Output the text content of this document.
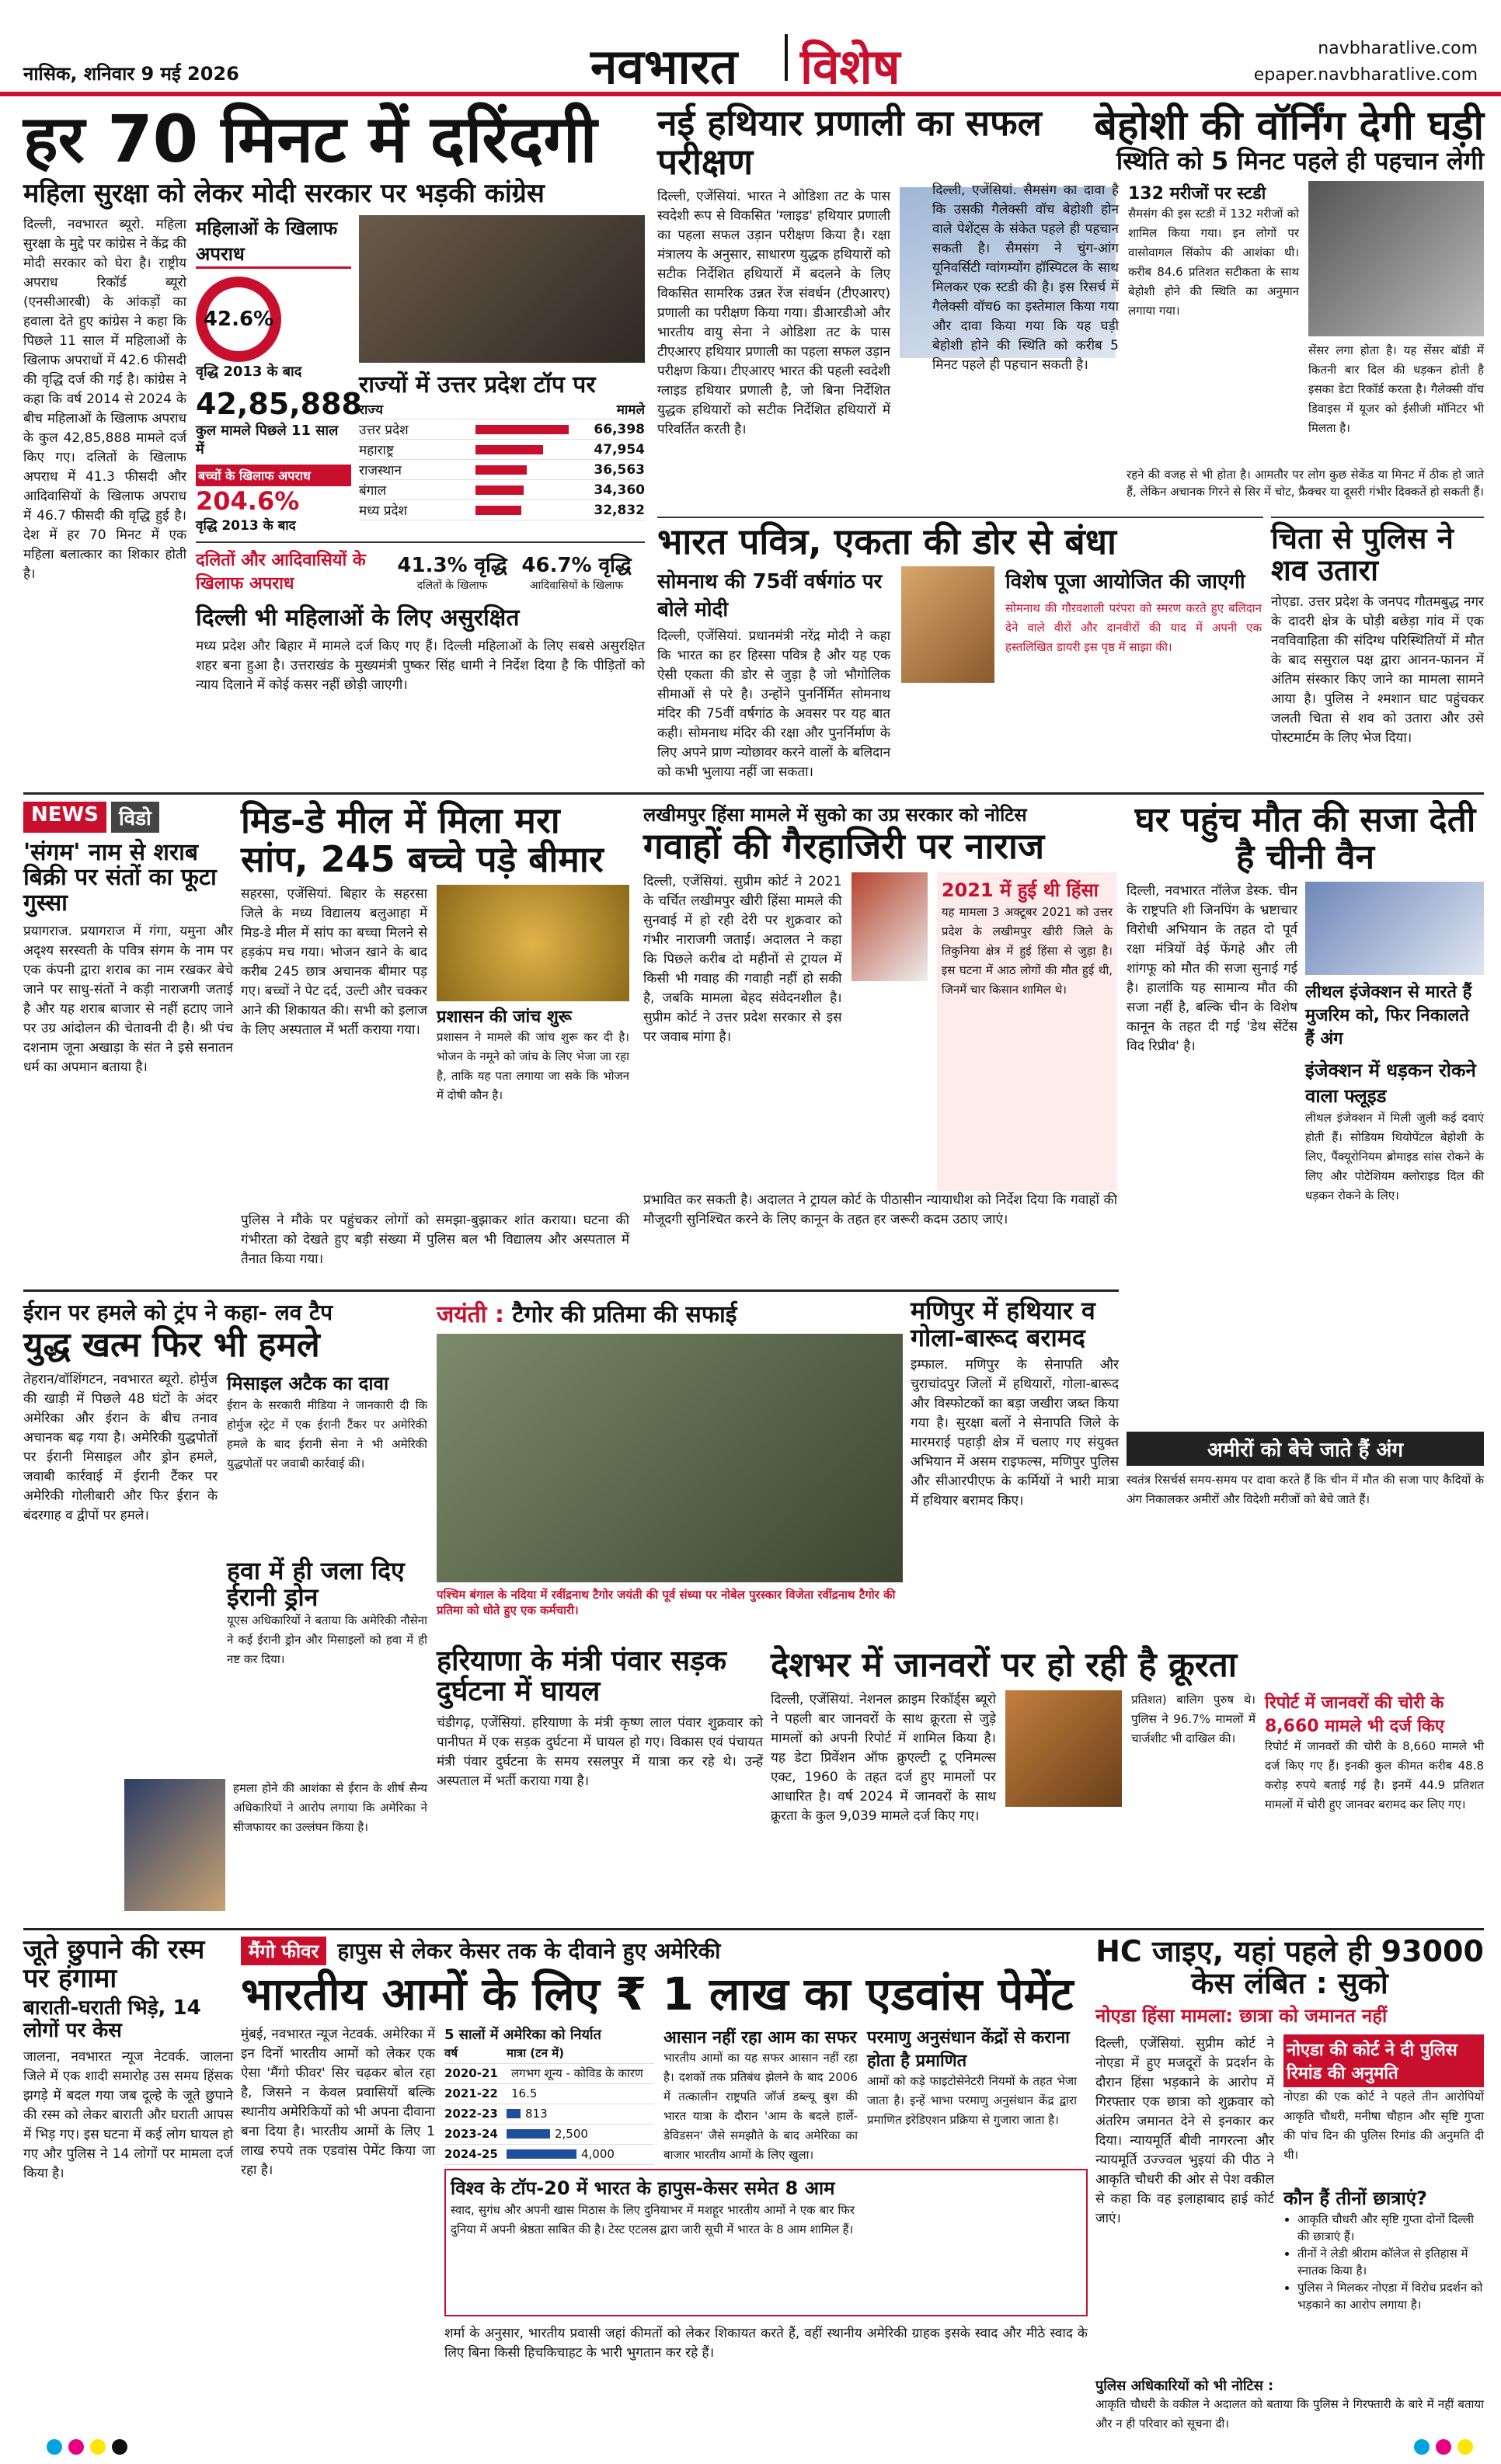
नासिक, शनिवार 9 मई 2026	नवभारत विशेष	navbharatlive.com
epaper.navbharatlive.com
हर 70 मिनट में दरिंदगी
महिला सुरक्षा को लेकर मोदी सरकार पर भड़की कांग्रेस
दिल्ली, नवभारत ब्यूरो. महिला सुरक्षा के मुद्दे पर कांग्रेस ने केंद्र की मोदी सरकार को घेरा है। राष्ट्रीय अपराध रिकॉर्ड ब्यूरो (एनसीआरबी) के आंकड़ों का हवाला देते हुए कांग्रेस ने कहा कि पिछले 11 साल में महिलाओं के खिलाफ अपराधों में 42.6 फीसदी की वृद्धि दर्ज की गई है। कांग्रेस ने कहा कि वर्ष 2014 से 2024 के बीच महिलाओं के खिलाफ अपराध के कुल 42,85,888 मामले दर्ज किए गए। दलितों के खिलाफ अपराध में 41.3 फीसदी और आदिवासियों के खिलाफ अपराध में 46.7 फीसदी की वृद्धि हुई है। देश में हर 70 मिनट में एक महिला बलात्कार का शिकार होती है।
महिलाओं के खिलाफ अपराध
42.6%
वृद्धि 2013 के बाद
42,85,888
कुल मामले पिछले 11 साल में
बच्चों के खिलाफ अपराध
204.6%
वृद्धि 2013 के बाद
राज्यों में उत्तर प्रदेश टॉप पर
राज्य	मामले
उत्तर प्रदेश	66,398
महाराष्ट्र	47,954
राजस्थान	36,563
बंगाल	34,360
मध्य प्रदेश	32,832
दलितों और आदिवासियों के खिलाफ अपराध
41.3% वृद्धि
दलितों के खिलाफ
46.7% वृद्धि
आदिवासियों के खिलाफ
दिल्ली भी महिलाओं के लिए असुरक्षित
मध्य प्रदेश और बिहार में मामले दर्ज किए गए हैं। दिल्ली महिलाओं के लिए सबसे असुरक्षित शहर बना हुआ है। उत्तराखंड के मुख्यमंत्री पुष्कर सिंह धामी ने निर्देश दिया है कि पीड़ितों को न्याय दिलाने में कोई कसर नहीं छोड़ी जाएगी।
नई हथियार प्रणाली का सफल परीक्षण
दिल्ली, एजेंसियां. भारत ने ओडिशा तट के पास स्वदेशी रूप से विकसित 'ग्लाइड' हथियार प्रणाली का पहला सफल उड़ान परीक्षण किया है। रक्षा मंत्रालय के अनुसार, साधारण युद्धक हथियारों को सटीक निर्देशित हथियारों में बदलने के लिए विकसित सामरिक उन्नत रेंज संवर्धन (टीएआरए) प्रणाली का परीक्षण किया गया। डीआरडीओ और भारतीय वायु सेना ने ओडिशा तट के पास टीएआरए हथियार प्रणाली का पहला सफल उड़ान परीक्षण किया। टीएआरए भारत की पहली स्वदेशी ग्लाइड हथियार प्रणाली है, जो बिना निर्देशित युद्धक हथियारों को सटीक निर्देशित हथियारों में परिवर्तित करती है।
बेहोशी की वॉर्निंग देगी घड़ी
स्थिति को 5 मिनट पहले ही पहचान लेगी
दिल्ली, एजेंसियां. सैमसंग का दावा है कि उसकी गैलेक्सी वॉच बेहोशी होन वाले पेशेंट्स के संकेत पहले ही पहचान सकती है। सैमसंग ने चुंग-आंग यूनिवर्सिटी ग्वांगम्योंग हॉस्पिटल के साथ मिलकर एक स्टडी की है। इस रिसर्च में गैलेक्सी वॉच6 का इस्तेमाल किया गया और दावा किया गया कि यह घड़ी बेहोशी होने की स्थिति को करीब 5 मिनट पहले ही पहचान सकती है।
132 मरीजों पर स्टडी
सैमसंग की इस स्टडी में 132 मरीजों को शामिल किया गया। इन लोगों पर वासोवागल सिंकोप की आशंका थी। करीब 84.6 प्रतिशत सटीकता के साथ बेहोशी होने की स्थिति का अनुमान लगाया गया।
सेंसर लगा होता है। यह सेंसर बॉडी में कितनी बार दिल की धड़कन होती है इसका डेटा रिकॉर्ड करता है। गैलेक्सी वॉच डिवाइस में यूजर को ईसीजी मॉनिटर भी मिलता है।
रहने की वजह से भी होता है। आमतौर पर लोग कुछ सेकेंड या मिनट में ठीक हो जाते हैं, लेकिन अचानक गिरने से सिर में चोट, फ्रैक्चर या दूसरी गंभीर दिक्कतें हो सकती हैं।
भारत पवित्र, एकता की डोर से बंधा
सोमनाथ की 75वीं वर्षगांठ पर बोले मोदी
दिल्ली, एजेंसियां. प्रधानमंत्री नरेंद्र मोदी ने कहा कि भारत का हर हिस्सा पवित्र है और यह एक ऐसी एकता की डोर से जुड़ा है जो भौगोलिक सीमाओं से परे है। उन्होंने पुनर्निर्मित सोमनाथ मंदिर की 75वीं वर्षगांठ के अवसर पर यह बात कही। सोमनाथ मंदिर की रक्षा और पुनर्निर्माण के लिए अपने प्राण न्योछावर करने वालों के बलिदान को कभी भुलाया नहीं जा सकता।
विशेष पूजा आयोजित की जाएगी
सोमनाथ की गौरवशाली परंपरा को स्मरण करते हुए बलिदान देने वाले वीरों और दानवीरों की याद में अपनी एक हस्तलिखित डायरी इस पृष्ठ में साझा की।
चिता से पुलिस ने शव उतारा
नोएडा. उत्तर प्रदेश के जनपद गौतमबुद्ध नगर के दादरी क्षेत्र के घोड़ी बछेड़ा गांव में एक नवविवाहिता की संदिग्ध परिस्थितियों में मौत के बाद ससुराल पक्ष द्वारा आनन-फानन में अंतिम संस्कार किए जाने का मामला सामने आया है। पुलिस ने श्मशान घाट पहुंचकर जलती चिता से शव को उतारा और उसे पोस्टमार्टम के लिए भेज दिया।
NEWS	विडो
'संगम' नाम से शराब बिक्री पर संतों का फूटा गुस्सा
प्रयागराज. प्रयागराज में गंगा, यमुना और अदृश्य सरस्वती के पवित्र संगम के नाम पर एक कंपनी द्वारा शराब का नाम रखकर बेचे जाने पर साधु-संतों ने कड़ी नाराजगी जताई है और यह शराब बाजार से नहीं हटाए जाने पर उग्र आंदोलन की चेतावनी दी है। श्री पंच दशनाम जूना अखाड़ा के संत ने इसे सनातन धर्म का अपमान बताया है।
मिड-डे मील में मिला मरा सांप, 245 बच्चे पड़े बीमार
सहरसा, एजेंसियां. बिहार के सहरसा जिले के मध्य विद्यालय बलुआहा में मिड-डे मील में सांप का बच्चा मिलने से हड़कंप मच गया। भोजन खाने के बाद करीब 245 छात्र अचानक बीमार पड़ गए। बच्चों ने पेट दर्द, उल्टी और चक्कर आने की शिकायत की। सभी को इलाज के लिए अस्पताल में भर्ती कराया गया।
प्रशासन की जांच शुरू
प्रशासन ने मामले की जांच शुरू कर दी है। भोजन के नमूने को जांच के लिए भेजा जा रहा है, ताकि यह पता लगाया जा सके कि भोजन में दोषी कौन है।
पुलिस ने मौके पर पहुंचकर लोगों को समझा-बुझाकर शांत कराया। घटना की गंभीरता को देखते हुए बड़ी संख्या में पुलिस बल भी विद्यालय और अस्पताल में तैनात किया गया।
लखीमपुर हिंसा मामले में सुको का उप्र सरकार को नोटिस
गवाहों की गैरहाजिरी पर नाराज
दिल्ली, एजेंसियां. सुप्रीम कोर्ट ने 2021 के चर्चित लखीमपुर खीरी हिंसा मामले की सुनवाई में हो रही देरी पर शुक्रवार को गंभीर नाराजगी जताई। अदालत ने कहा कि पिछले करीब दो महीनों से ट्रायल में किसी भी गवाह की गवाही नहीं हो सकी है, जबकि मामला बेहद संवेदनशील है। सुप्रीम कोर्ट ने उत्तर प्रदेश सरकार से इस पर जवाब मांगा है।
2021 में हुई थी हिंसा
यह मामला 3 अक्टूबर 2021 को उत्तर प्रदेश के लखीमपुर खीरी जिले के तिकुनिया क्षेत्र में हुई हिंसा से जुड़ा है। इस घटना में आठ लोगों की मौत हुई थी, जिनमें चार किसान शामिल थे।
प्रभावित कर सकती है। अदालत ने ट्रायल कोर्ट के पीठासीन न्यायाधीश को निर्देश दिया कि गवाहों की मौजूदगी सुनिश्चित करने के लिए कानून के तहत हर जरूरी कदम उठाए जाएं।
घर पहुंच मौत की सजा देती है चीनी वैन
दिल्ली, नवभारत नॉलेज डेस्क. चीन के राष्ट्रपति शी जिनपिंग के भ्रष्टाचार विरोधी अभियान के तहत दो पूर्व रक्षा मंत्रियों वेई फेंगहे और ली शांगफू को मौत की सजा सुनाई गई है। हालांकि यह सामान्य मौत की सजा नहीं है, बल्कि चीन के विशेष कानून के तहत दी गई 'डेथ सेंटेंस विद रिप्रीव' है।
लीथल इंजेक्शन से मारते हैं मुजरिम को, फिर निकालते हैं अंग
इंजेक्शन में धड़कन रोकने वाला फ्लूइड
लीथल इंजेक्शन में मिली जुली कई दवाएं होती हैं। सोडियम थियोपेंटल बेहोशी के लिए, पैंक्यूरोनियम ब्रोमाइड सांस रोकने के लिए और पोटेशियम क्लोराइड दिल की धड़कन रोकने के लिए।
अमीरों को बेचे जाते हैं अंग
स्वतंत्र रिसर्चर्स समय-समय पर दावा करते हैं कि चीन में मौत की सजा पाए कैदियों के अंग निकालकर अमीरों और विदेशी मरीजों को बेचे जाते हैं।
ईरान पर हमले को ट्रंप ने कहा- लव टैप
युद्ध खत्म फिर भी हमले
तेहरान/वॉशिंगटन, नवभारत ब्यूरो. होर्मुज की खाड़ी में पिछले 48 घंटों के अंदर अमेरिका और ईरान के बीच तनाव अचानक बढ़ गया है। अमेरिकी युद्धपोतों पर ईरानी मिसाइल और ड्रोन हमले, जवाबी कार्रवाई में ईरानी टैंकर पर अमेरिकी गोलीबारी और फिर ईरान के बंदरगाह व द्वीपों पर हमले।
मिसाइल अटैक का दावा
ईरान के सरकारी मीडिया ने जानकारी दी कि होर्मुज स्ट्रेट में एक ईरानी टैंकर पर अमेरिकी हमले के बाद ईरानी सेना ने भी अमेरिकी युद्धपोतों पर जवाबी कार्रवाई की।
हवा में ही जला दिए ईरानी ड्रोन
यूएस अधिकारियों ने बताया कि अमेरिकी नौसेना ने कई ईरानी ड्रोन और मिसाइलों को हवा में ही नष्ट कर दिया।
हमला होने की आशंका से ईरान के शीर्ष सैन्य अधिकारियों ने आरोप लगाया कि अमेरिका ने सीजफायर का उल्लंघन किया है।
जयंती : टैगोर की प्रतिमा की सफाई
पश्चिम बंगाल के नदिया में रवींद्रनाथ टैगोर जयंती की पूर्व संध्या पर नोबेल पुरस्कार विजेता रवींद्रनाथ टैगोर की प्रतिमा को धोते हुए एक कर्मचारी।
मणिपुर में हथियार व गोला-बारूद बरामद
इम्फाल. मणिपुर के सेनापति और चुराचांदपुर जिलों में हथियारों, गोला-बारूद और विस्फोटकों का बड़ा जखीरा जब्त किया गया है। सुरक्षा बलों ने सेनापति जिले के मारमराई पहाड़ी क्षेत्र में चलाए गए संयुक्त अभियान में असम राइफल्स, मणिपुर पुलिस और सीआरपीएफ के कर्मियों ने भारी मात्रा में हथियार बरामद किए।
हरियाणा के मंत्री पंवार सड़क दुर्घटना में घायल
चंडीगढ़, एजेंसियां. हरियाणा के मंत्री कृष्ण लाल पंवार शुक्रवार को पानीपत में एक सड़क दुर्घटना में घायल हो गए। विकास एवं पंचायत मंत्री पंवार दुर्घटना के समय रसलपुर में यात्रा कर रहे थे। उन्हें अस्पताल में भर्ती कराया गया है।
देशभर में जानवरों पर हो रही है क्रूरता
दिल्ली, एजेंसियां. नेशनल क्राइम रिकॉर्ड्स ब्यूरो ने पहली बार जानवरों के साथ क्रूरता से जुड़े मामलों को अपनी रिपोर्ट में शामिल किया है। यह डेटा प्रिवेंशन ऑफ क्रुएल्टी टू एनिमल्स एक्ट, 1960 के तहत दर्ज हुए मामलों पर आधारित है। वर्ष 2024 में जानवरों के साथ क्रूरता के कुल 9,039 मामले दर्ज किए गए।
प्रतिशत) बालिग पुरुष थे। पुलिस ने 96.7% मामलों में चार्जशीट भी दाखिल की।
रिपोर्ट में जानवरों की चोरी के 8,660 मामले भी दर्ज किए
रिपोर्ट में जानवरों की चोरी के 8,660 मामले भी दर्ज किए गए हैं। इनकी कुल कीमत करीब 48.8 करोड़ रुपये बताई गई है। इनमें 44.9 प्रतिशत मामलों में चोरी हुए जानवर बरामद कर लिए गए।
जूते छुपाने की रस्म पर हंगामा
बाराती-घराती भिड़े, 14 लोगों पर केस
जालना, नवभारत न्यूज नेटवर्क. जालना जिले में एक शादी समारोह उस समय हिंसक झगड़े में बदल गया जब दूल्हे के जूते छुपाने की रस्म को लेकर बाराती और घराती आपस में भिड़ गए। इस घटना में कई लोग घायल हो गए और पुलिस ने 14 लोगों पर मामला दर्ज किया है।
मैंगो फीवर हापुस से लेकर केसर तक के दीवाने हुए अमेरिकी
भारतीय आमों के लिए ₹ 1 लाख का एडवांस पेमेंट
मुंबई, नवभारत न्यूज नेटवर्क. अमेरिका में इन दिनों भारतीय आमों को लेकर एक ऐसा 'मैंगो फीवर' सिर चढ़कर बोल रहा है, जिसने न केवल प्रवासियों बल्कि स्थानीय अमेरिकियों को भी अपना दीवाना बना दिया है। भारतीय आमों के लिए 1 लाख रुपये तक एडवांस पेमेंट किया जा रहा है।
5 सालों में अमेरिका को निर्यात
वर्ष	मात्रा (टन में)
2020-21	लगभग शून्य - कोविड के कारण
2021-22	16.5
2022-23	813
2023-24	2,500
2024-25	4,000
आसान नहीं रहा आम का सफर
भारतीय आमों का यह सफर आसान नहीं रहा है। दशकों तक प्रतिबंध झेलने के बाद 2006 में तत्कालीन राष्ट्रपति जॉर्ज डब्ल्यू बुश की भारत यात्रा के दौरान 'आम के बदले हार्ले-डेविडसन' जैसे समझौते के बाद अमेरिका का बाजार भारतीय आमों के लिए खुला।
परमाणु अनुसंधान केंद्रों से कराना होता है प्रमाणित
आमों को कड़े फाइटोसेनेटरी नियमों के तहत भेजा जाता है। इन्हें भाभा परमाणु अनुसंधान केंद्र द्वारा प्रमाणित इरेडिएशन प्रक्रिया से गुजारा जाता है।
विश्व के टॉप-20 में भारत के हापुस-केसर समेत 8 आम
स्वाद, सुगंध और अपनी खास मिठास के लिए दुनियाभर में मशहूर भारतीय आमों ने एक बार फिर दुनिया में अपनी श्रेष्ठता साबित की है। टेस्ट एटलस द्वारा जारी सूची में भारत के 8 आम शामिल हैं।
शर्मा के अनुसार, भारतीय प्रवासी जहां कीमतों को लेकर शिकायत करते हैं, वहीं स्थानीय अमेरिकी ग्राहक इसके स्वाद और मीठे स्वाद के लिए बिना किसी हिचकिचाहट के भारी भुगतान कर रहे हैं।
HC जाइए, यहां पहले ही 93000 केस लंबित : सुको
नोएडा हिंसा मामला: छात्रा को जमानत नहीं
दिल्ली, एजेंसियां. सुप्रीम कोर्ट ने नोएडा में हुए मजदूरों के प्रदर्शन के दौरान हिंसा भड़काने के आरोप में गिरफ्तार एक छात्रा को शुक्रवार को अंतरिम जमानत देने से इनकार कर दिया। न्यायमूर्ति बीवी नागरत्ना और न्यायमूर्ति उज्ज्वल भुइयां की पीठ ने आकृति चौधरी की ओर से पेश वकील से कहा कि वह इलाहाबाद हाई कोर्ट जाएं।
नोएडा की कोर्ट ने दी पुलिस रिमांड की अनुमति
नोएडा की एक कोर्ट ने पहले तीन आरोपियों आकृति चौधरी, मनीषा चौहान और सृष्टि गुप्ता की पांच दिन की पुलिस रिमांड की अनुमति दी थी।
कौन हैं तीनों छात्राएं?
• आकृति चौधरी और सृष्टि गुप्ता दोनों दिल्ली की छात्राएं हैं।
• तीनों ने लेडी श्रीराम कॉलेज से इतिहास में स्नातक किया है।
• पुलिस ने मिलकर नोएडा में विरोध प्रदर्शन को भड़काने का आरोप लगाया है।
पुलिस अधिकारियों को भी नोटिस :
आकृति चौधरी के वकील ने अदालत को बताया कि पुलिस ने गिरफ्तारी के बारे में नहीं बताया और न ही परिवार को सूचना दी।
